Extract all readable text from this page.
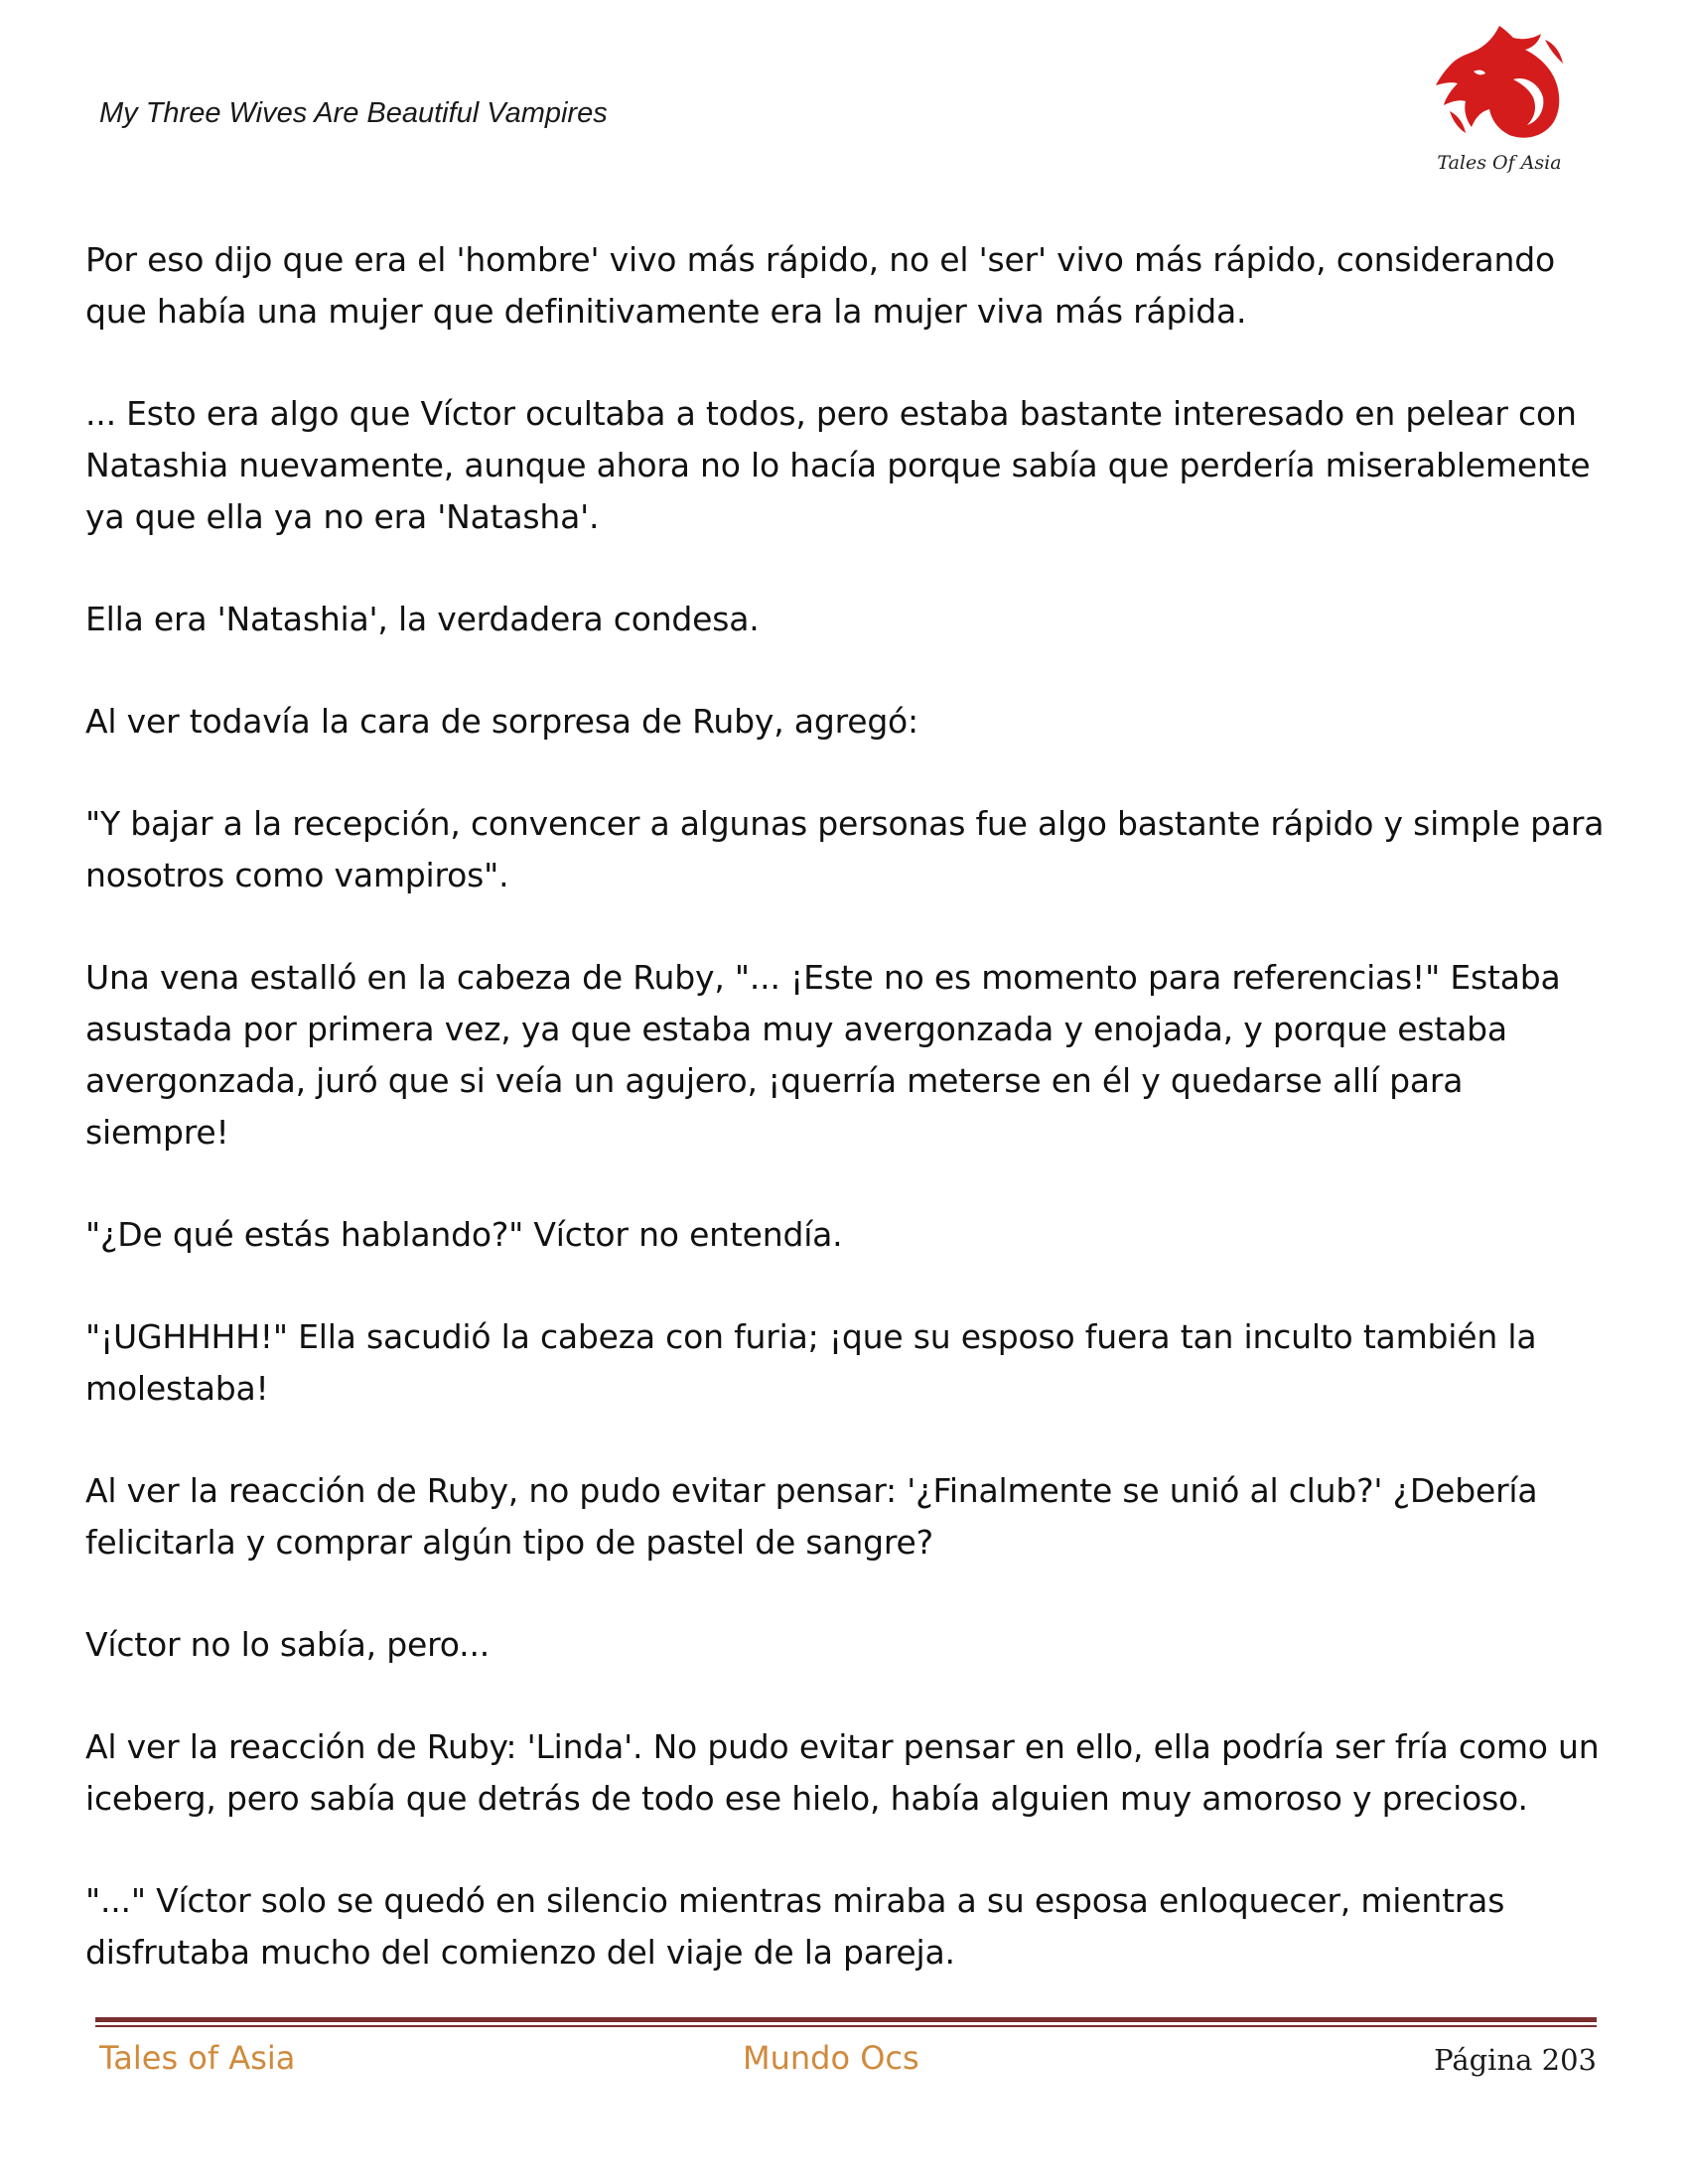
My Three Wives Are Beautiful Vampires
Tales Of Asia

Por eso dijo que era el 'hombre' vivo más rápido, no el 'ser' vivo más rápido, considerando que había una mujer que definitivamente era la mujer viva más rápida.

... Esto era algo que Víctor ocultaba a todos, pero estaba bastante interesado en pelear con Natashia nuevamente, aunque ahora no lo hacía porque sabía que perdería miserablemente ya que ella ya no era 'Natasha'.

Ella era 'Natashia', la verdadera condesa.

Al ver todavía la cara de sorpresa de Ruby, agregó:

"Y bajar a la recepción, convencer a algunas personas fue algo bastante rápido y simple para nosotros como vampiros".

Una vena estalló en la cabeza de Ruby, "... ¡Este no es momento para referencias!" Estaba asustada por primera vez, ya que estaba muy avergonzada y enojada, y porque estaba avergonzada, juró que si veía un agujero, ¡querría meterse en él y quedarse allí para siempre!

"¿De qué estás hablando?" Víctor no entendía.

"¡UGHHHH!" Ella sacudió la cabeza con furia; ¡que su esposo fuera tan inculto también la molestaba!

Al ver la reacción de Ruby, no pudo evitar pensar: '¿Finalmente se unió al club?' ¿Debería felicitarla y comprar algún tipo de pastel de sangre?

Víctor no lo sabía, pero...

Al ver la reacción de Ruby: 'Linda'. No pudo evitar pensar en ello, ella podría ser fría como un iceberg, pero sabía que detrás de todo ese hielo, había alguien muy amoroso y precioso.

"..." Víctor solo se quedó en silencio mientras miraba a su esposa enloquecer, mientras disfrutaba mucho del comienzo del viaje de la pareja.

Tales of Asia	Mundo Ocs	Página 203
